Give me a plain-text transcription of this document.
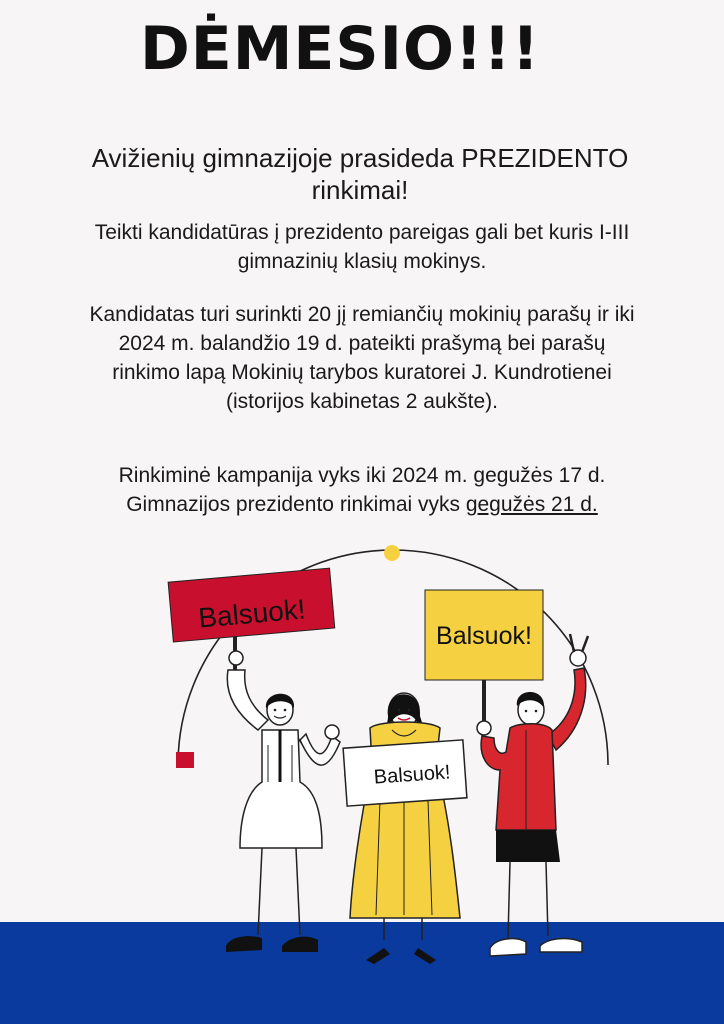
DĖMESIO!!!
Avižienių gimnazijoje prasideda PREZIDENTO
rinkimai!
Teikti kandidatūras į prezidento pareigas gali bet kuris I-III
gimnazinių klasių mokinys.
Kandidatas turi surinkti 20 jį remiančių mokinių parašų ir iki
2024 m. balandžio 19 d. pateikti prašymą bei parašų
rinkimo lapą Mokinių tarybos kuratorei J. Kundrotienei
(istorijos kabinetas 2 aukšte).
Rinkiminė kampanija vyks iki 2024 m. gegužės 17 d.
Gimnazijos prezidento rinkimai vyks gegužės 21 d.
Balsuok!
Balsuok!
Balsuok!
